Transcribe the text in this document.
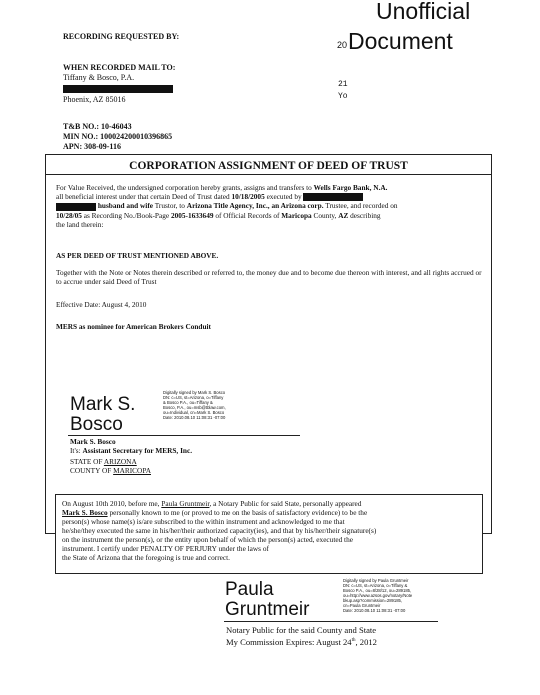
Unofficial
20 Document
21
Yo
RECORDING REQUESTED BY:
WHEN RECORDED MAIL TO:
Tiffany & Bosco, P.A.
Phoenix, AZ 85016
T&B NO.: 10-46043
MIN NO.: 100024200010396865
APN: 308-09-116
CORPORATION ASSIGNMENT OF DEED OF TRUST
For Value Received, the undersigned corporation hereby grants, assigns and transfers to Wells Fargo Bank, N.A.
all beneficial interest under that certain Deed of Trust dated 10/18/2005 executed by
husband and wife Trustor, to Arizona Title Agency, Inc., an Arizona corp. Trustee, and recorded on
10/28/05 as Recording No./Book-Page 2005-1633649 of Official Records of Maricopa County, AZ describing
the land therein:
AS PER DEED OF TRUST MENTIONED ABOVE.
Together with the Note or Notes therein described or referred to, the money due and to become due thereon with interest, and all rights accrued or to accrue under said Deed of Trust
Effective Date: August 4, 2010
MERS as nominee for American Brokers Conduit
Mark S.
Bosco
Digitally signed by Mark S. Bosco
DN: c=US, st=Arizona, o=Tiffany
& Bosco P.A., ou=Tiffany &
Bosco, P.A., ou=msb@tblaw.com,
ou=Individual, cn=Mark S. Bosco
Date: 2010.08.10 11:08:31 -07:00
Mark S. Bosco
It's: Assistant Secretary for MERS, Inc.
STATE OF ARIZONA
COUNTY OF MARICOPA
On August 10th 2010, before me, Paula Gruntmeir, a Notary Public for said State, personally appeared
Mark S. Bosco personally known to me (or proved to me on the basis of satisfactory evidence) to be the
person(s) whose name(s) is/are subscribed to the within instrument and acknowledged to me that
he/she/they executed the same in his/her/their authorized capacity(ies), and that by his/her/their signature(s)
on the instrument the person(s), or the entity upon behalf of which the person(s) acted, executed the
instrument. I certify under PENALTY OF PERJURY under the laws of
the State of Arizona that the foregoing is true and correct.
Paula
Gruntmeir
Digitally signed by Paula Gruntmeir
DN: c=US, st=Arizona, o=Tiffany &
Bosco P.A., ou=8/28/12, ou=289185,
ou=http://www.azsos.gov/notary/Note
bkup.asp?commission=289185,
cn=Paula Gruntmeir
Date: 2010.08.10 11:08:31 -07:00
Notary Public for the said County and State
My Commission Expires: August 24th, 2012
